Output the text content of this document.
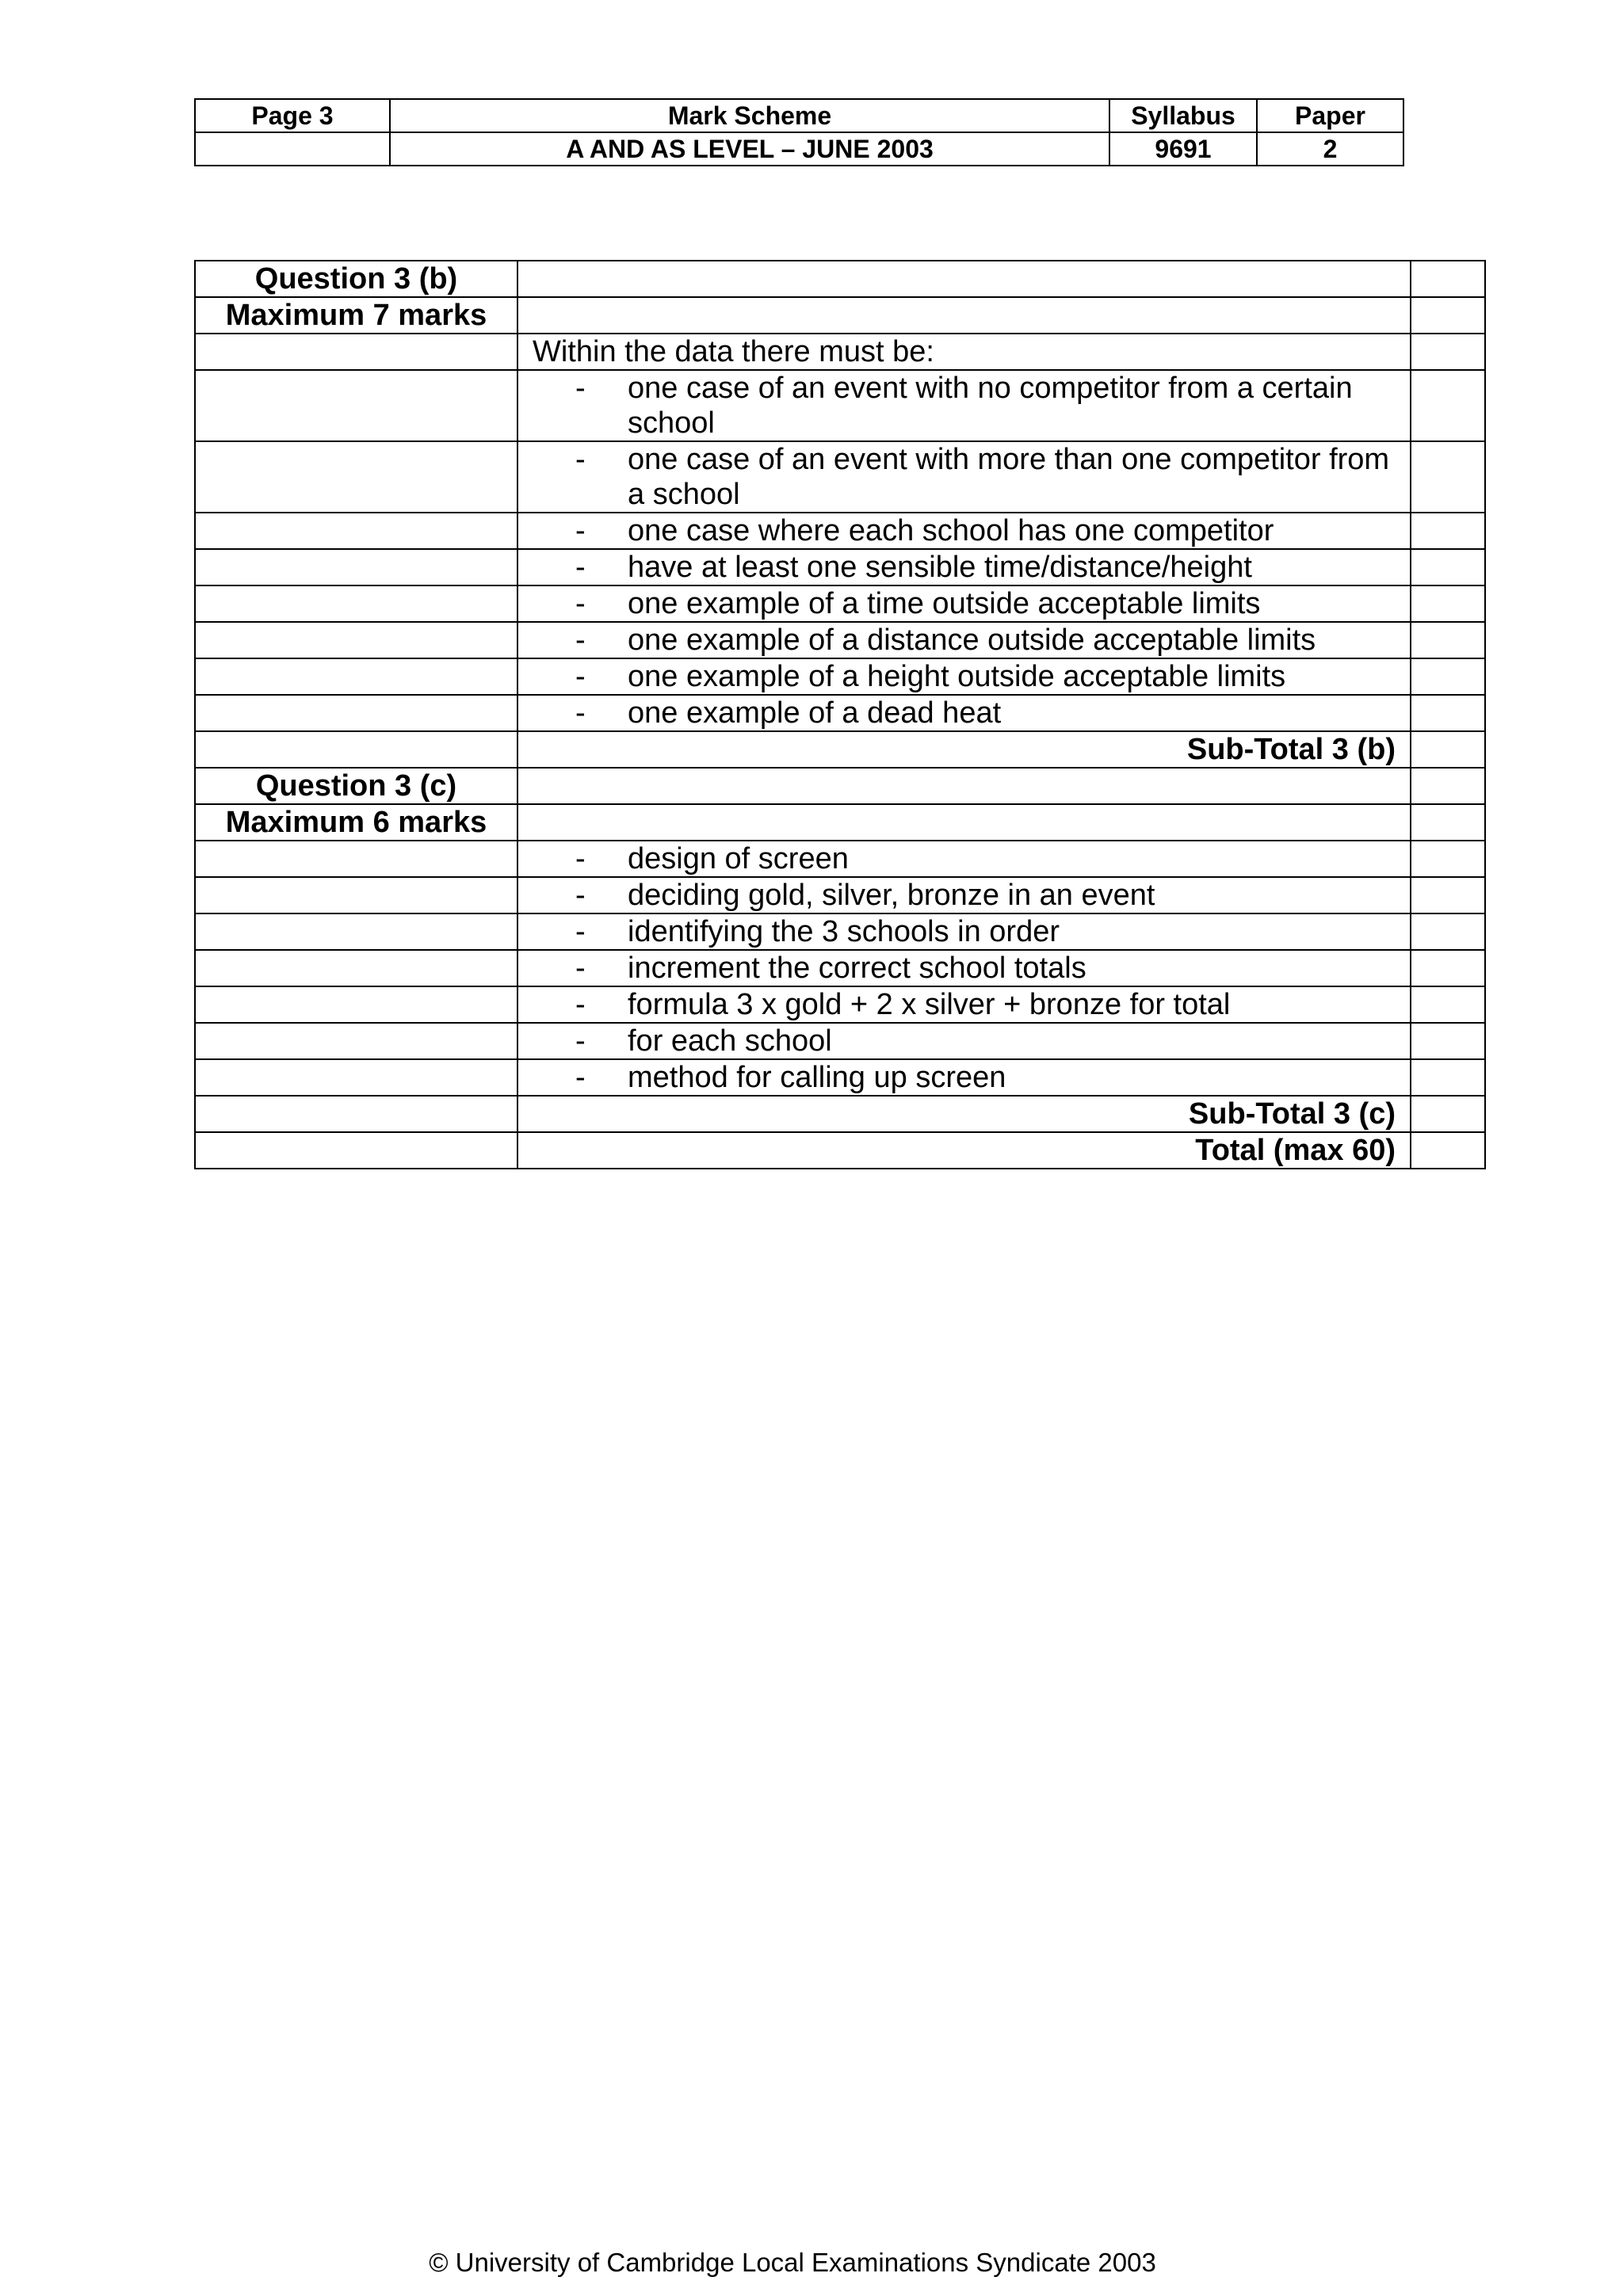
Page 3	Mark Scheme	Syllabus	Paper
	A AND AS LEVEL – JUNE 2003	9691	2
Question 3 (b)		
Maximum 7 marks		
	Within the data there must be:	

	- one case of an event with no competitor from a certain school	

	- one case of an event with more than one competitor from a school	

	- one case where each school has one competitor	

	- have at least one sensible time/distance/height	

	- one example of a time outside acceptable limits	

	- one example of a distance outside acceptable limits	

	- one example of a height outside acceptable limits	

	- one example of a dead heat	

	Sub-Total 3 (b)	
Question 3 (c)		
Maximum 6 marks		

	- design of screen	

	- deciding gold, silver, bronze in an event	

	- identifying the 3 schools in order	

	- increment the correct school totals	

	- formula 3 x gold + 2 x silver + bronze for total	

	- for each school	

	- method for calling up screen	

	Sub-Total 3 (c)	
	Total (max 60)	
© University of Cambridge Local Examinations Syndicate 2003
